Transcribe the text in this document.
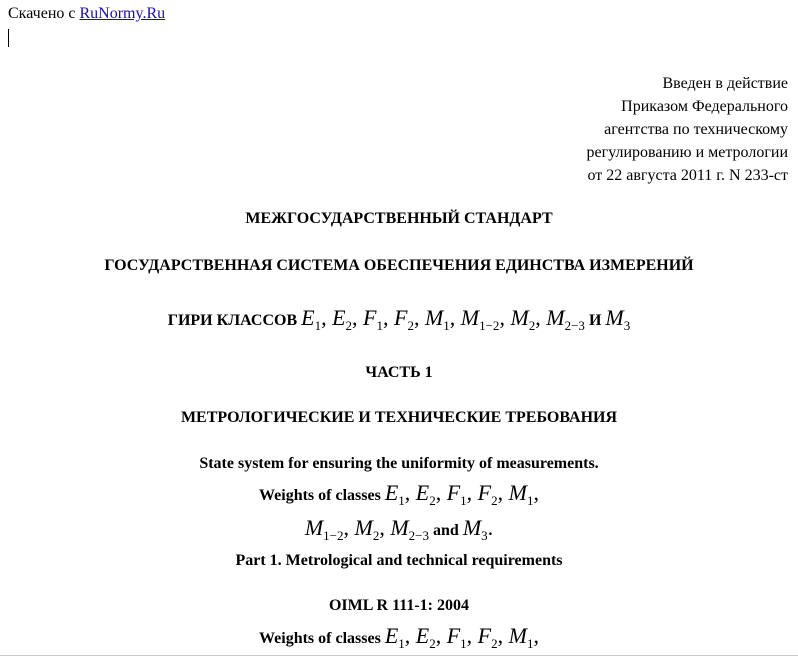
Скачено с RuNormy.Ru
Введен в действие
Приказом Федерального
агентства по техническому
регулированию и метрологии
от 22 августа 2011 г. N 233-ст
МЕЖГОСУДАРСТВЕННЫЙ СТАНДАРТ
ГОСУДАРСТВЕННАЯ СИСТЕМА ОБЕСПЕЧЕНИЯ ЕДИНСТВА ИЗМЕРЕНИЙ
ГИРИ КЛАССОВ $E_1$, $E_2$, $F_1$, $F_2$, $M_1$, $M_{1-2}$, $M_2$, $M_{2-3}$ И $M_3$
ЧАСТЬ 1
МЕТРОЛОГИЧЕСКИЕ И ТЕХНИЧЕСКИЕ ТРЕБОВАНИЯ
State system for ensuring the uniformity of measurements.
Weights of classes $E_1$, $E_2$, $F_1$, $F_2$, $M_1$,
$M_{1-2}$, $M_2$, $M_{2-3}$ and $M_3$.
Part 1. Metrological and technical requirements
OIML R 111-1: 2004
Weights of classes $E_1$, $E_2$, $F_1$, $F_2$, $M_1$,
